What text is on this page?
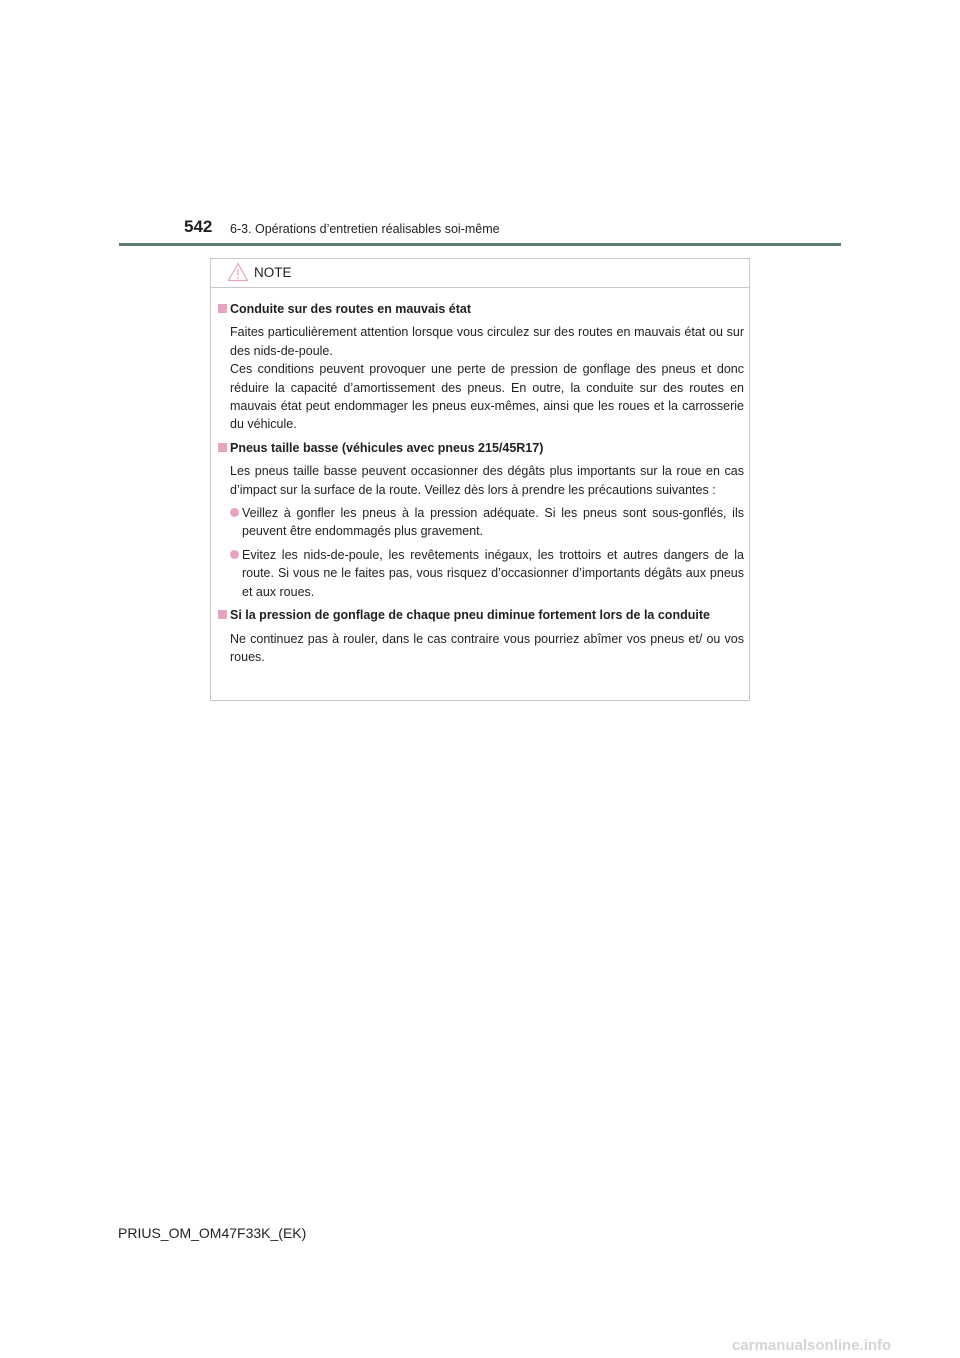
542 6-3. Opérations d’entretien réalisables soi-même
NOTE
Conduite sur des routes en mauvais état

Faites particulièrement attention lorsque vous circulez sur des routes en mauvais état ou sur des nids-de-poule.

Ces conditions peuvent provoquer une perte de pression de gonflage des pneus et donc réduire la capacité d’amortissement des pneus. En outre, la conduite sur des routes en mauvais état peut endommager les pneus eux-mêmes, ainsi que les roues et la carrosserie du véhicule.

Pneus taille basse (véhicules avec pneus 215/45R17)

Les pneus taille basse peuvent occasionner des dégâts plus importants sur la roue en cas d’impact sur la surface de la route. Veillez dès lors à prendre les précautions suivantes :

Veillez à gonfler les pneus à la pression adéquate. Si les pneus sont sous-gonflés, ils peuvent être endommagés plus gravement.
Evitez les nids-de-poule, les revêtements inégaux, les trottoirs et autres dangers de la route. Si vous ne le faites pas, vous risquez d’occasionner d’importants dégâts aux pneus et aux roues.
Si la pression de gonflage de chaque pneu diminue fortement lors de la conduite

Ne continuez pas à rouler, dans le cas contraire vous pourriez abîmer vos pneus et/ ou vos roues.

PRIUS_OM_OM47F33K_(EK)
carmanualsonline.info
